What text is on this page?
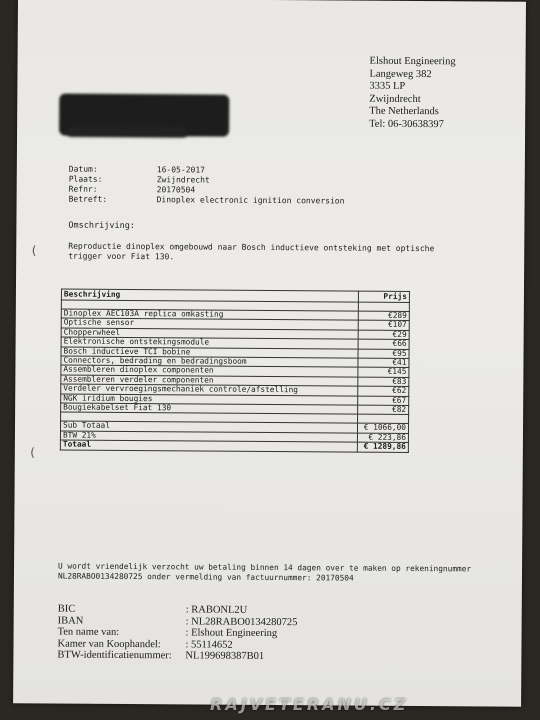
Elshout Engineering
Langeweg 382
3335 LP
Zwijndrecht
The Netherlands
Tel: 06-30638397
Datum:	16-05-2017
Plaats:	Zwijndrecht
Refnr:	20170504
Betreft:	Dinoplex electronic ignition conversion
Omschrijving:
Reproductie dinoplex omgebouwd naar Bosch inductieve ontsteking met optische trigger voor Fiat 130.
Beschrijving	Prijs

Dinoplex AEC103A replica omkasting	€289
Optische sensor	€107
Chopperwheel	€29
Elektronische ontstekingsmodule	€66
Bosch inductieve TCI bobine	€95
Connectors, bedrading en bedradingsboom	€41
Assembleren dinoplex componenten	€145
Assembleren verdeler componenten	€83
Verdeler vervroegingsmechaniek controle/afstelling	€62
NGK iridium bougies	€67
Bougiekabelset Fiat 130	€82

Sub Totaal	€ 1066,00
BTW 21%	€ 223,86
Totaal	€ 1289,86
U wordt vriendelijk verzocht uw betaling binnen 14 dagen over te maken op rekeningnummer NL28RABO0134280725 onder vermelding van factuurnummer: 20170504
BIC	: RABONL2U
IBAN	: NL28RABO0134280725
Ten name van:	: Elshout Engineering
Kamer van Koophandel:	: 55114652
BTW-identificatienummer:	NL199698387B01
(
(
RAJVETERANU.CZ
